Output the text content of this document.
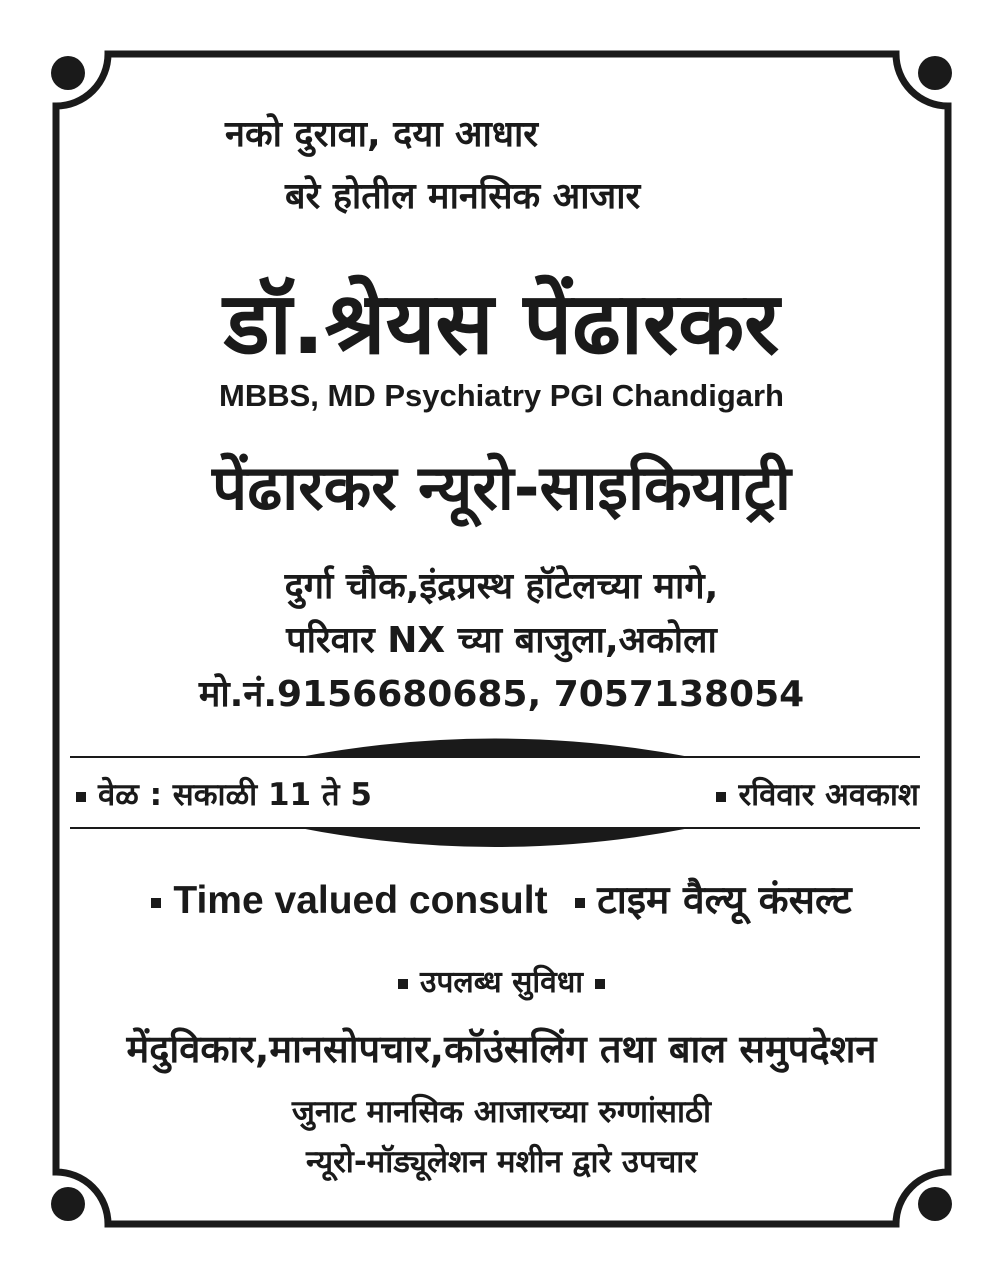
नको दुरावा, दया आधार
बरे होतील मानसिक आजार
डॉ.श्रेयस पेंढारकर
MBBS, MD Psychiatry PGI Chandigarh
पेंढारकर न्यूरो-साइकियाट्री
दुर्गा चौक,इंद्रप्रस्थ हॉटेलच्या मागे,
परिवार NX च्या बाजुला,अकोला
मो.नं.9156680685, 7057138054
वेळ : सकाळी 11 ते 5	रविवार अवकाश
Time valued consult टाइम वैल्यू कंसल्ट
उपलब्ध सुविधा
मेंदुविकार,मानसोपचार,कॉउंसलिंग तथा बाल समुपदेशन
जुनाट मानसिक आजारच्या रुग्णांसाठी
न्यूरो-मॉड्यूलेशन मशीन द्वारे उपचार
